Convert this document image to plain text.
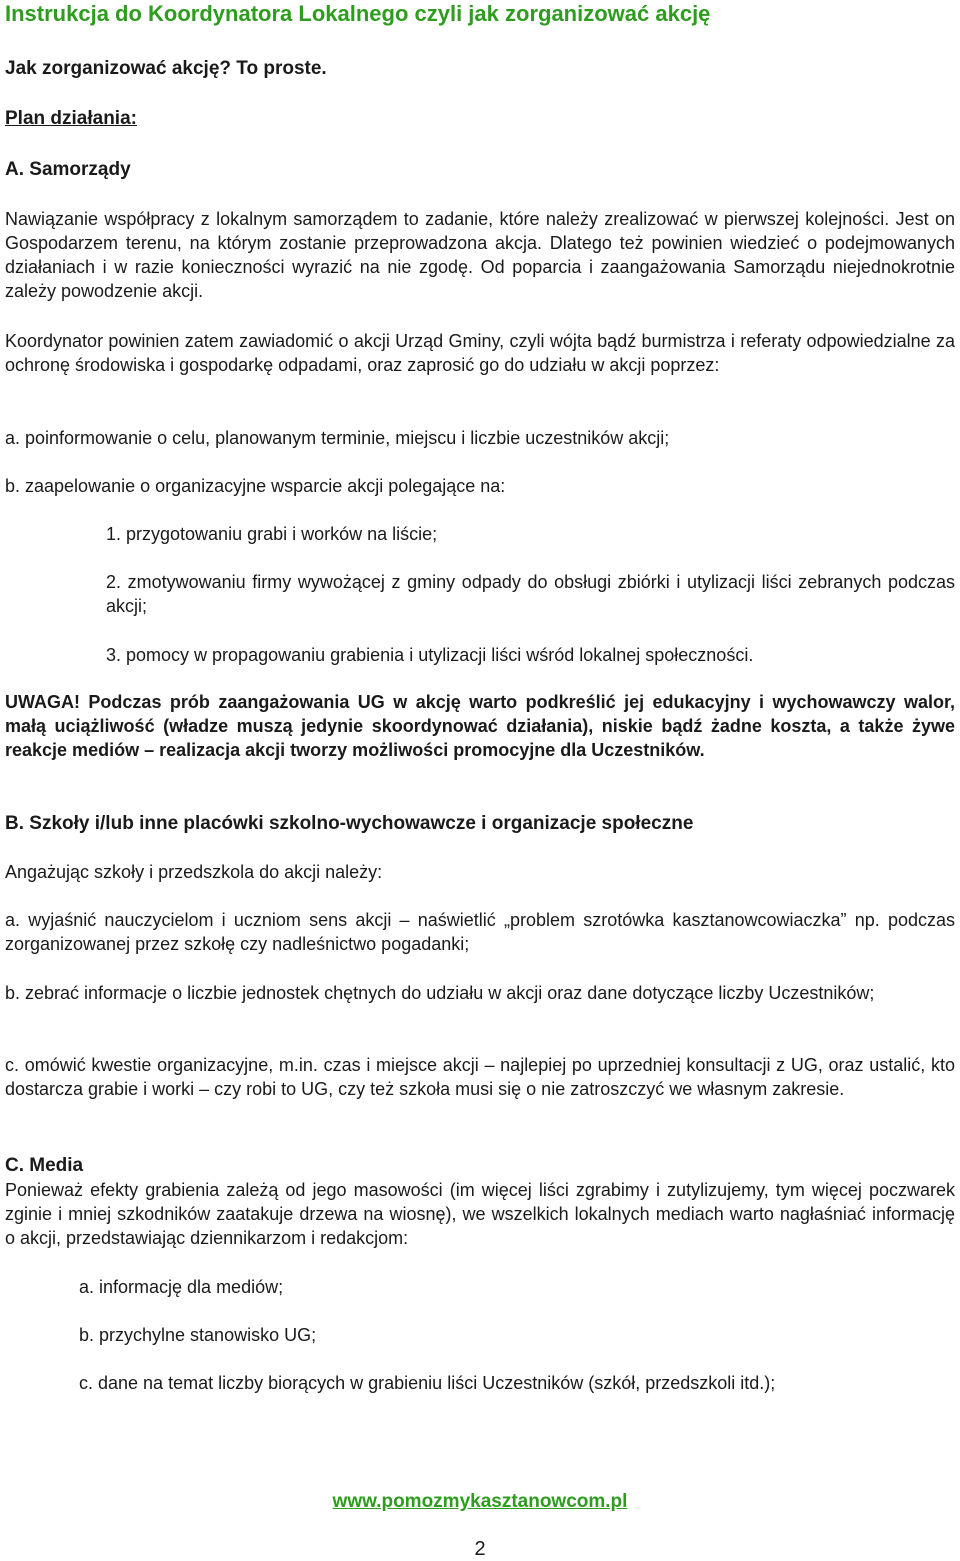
Instrukcja do Koordynatora Lokalnego czyli jak zorganizować akcję
Jak zorganizować akcję? To proste.
Plan działania:
A. Samorządy
Nawiązanie współpracy z lokalnym samorządem to zadanie, które należy zrealizować w pierwszej kolejności. Jest on Gospodarzem terenu, na którym zostanie przeprowadzona akcja. Dlatego też powinien wiedzieć o podejmowanych działaniach i w razie konieczności wyrazić na nie zgodę. Od poparcia i zaangażowania Samorządu niejednokrotnie zależy powodzenie akcji.
Koordynator powinien zatem zawiadomić o akcji Urząd Gminy, czyli wójta bądź burmistrza i referaty odpowiedzialne za ochronę środowiska i gospodarkę odpadami, oraz zaprosić go do udziału w akcji poprzez:
a. poinformowanie o celu, planowanym terminie, miejscu i liczbie uczestników akcji;
b. zaapelowanie o organizacyjne wsparcie akcji polegające na:
1. przygotowaniu grabi i worków na liście;
2. zmotywowaniu firmy wywożącej z gminy odpady do obsługi zbiórki i utylizacji liści zebranych podczas akcji;
3. pomocy w propagowaniu grabienia i utylizacji liści wśród lokalnej społeczności.
UWAGA! Podczas prób zaangażowania UG w akcję warto podkreślić jej edukacyjny i wychowawczy walor, małą uciążliwość (władze muszą jedynie skoordynować działania), niskie bądź żadne koszta, a także żywe reakcje mediów – realizacja akcji tworzy możliwości promocyjne dla Uczestników.
B. Szkoły i/lub inne placówki szkolno-wychowawcze i organizacje społeczne
Angażując szkoły i przedszkola do akcji należy:
a. wyjaśnić nauczycielom i uczniom sens akcji – naświetlić „problem szrotówka kasztanowcowiaczka” np. podczas zorganizowanej przez szkołę czy nadleśnictwo pogadanki;
b. zebrać informacje o liczbie jednostek chętnych do udziału w akcji oraz dane dotyczące liczby Uczestników;
c. omówić kwestie organizacyjne, m.in. czas i miejsce akcji – najlepiej po uprzedniej konsultacji z UG, oraz ustalić, kto dostarcza grabie i worki – czy robi to UG, czy też szkoła musi się o nie zatroszczyć we własnym zakresie.
C. Media
Ponieważ efekty grabienia zależą od jego masowości (im więcej liści zgrabimy i zutylizujemy, tym więcej poczwarek zginie i mniej szkodników zaatakuje drzewa na wiosnę), we wszelkich lokalnych mediach warto nagłaśniać informację o akcji, przedstawiając dziennikarzom i redakcjom:
a. informację dla mediów;
b. przychylne stanowisko UG;
c. dane na temat liczby biorących w grabieniu liści Uczestników (szkół, przedszkoli itd.);
www.pomozmykasztanowcom.pl
2
